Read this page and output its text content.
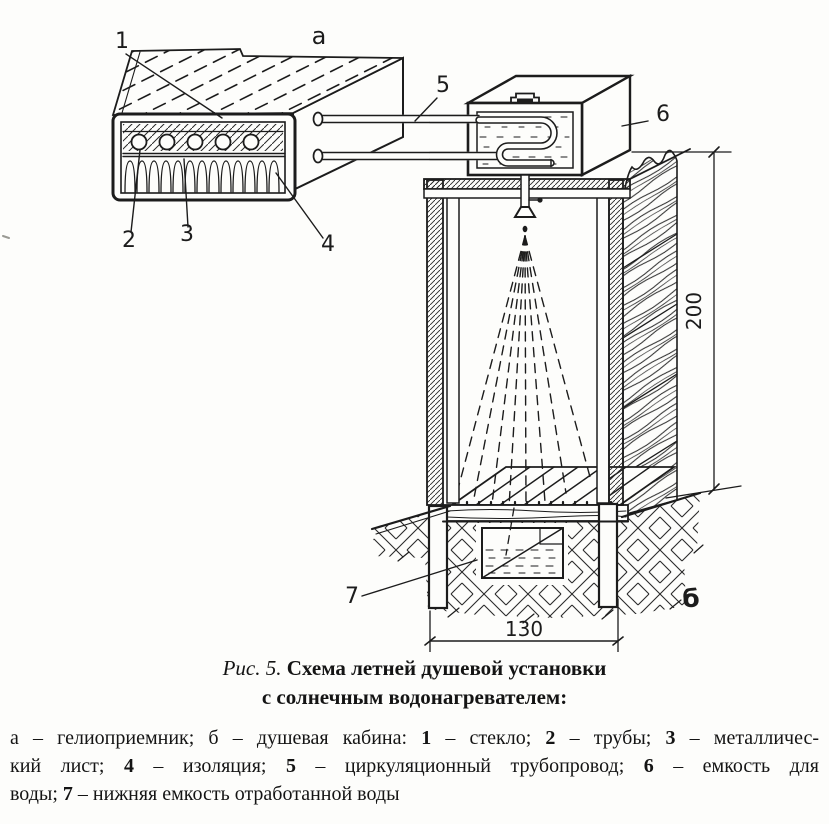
1
2 3	4
5
6
7
а
б
130
200
Рис. 5. Схема летней душевой установки
с солнечным водонагревателем:
а – гелиоприемник; б – душевая кабина: 1 – стекло; 2 – трубы; 3 – металличес-
кий лист; 4 – изоляция; 5 – циркуляционный трубопровод; 6 – емкость для
воды; 7 – нижняя емкость отработанной воды
